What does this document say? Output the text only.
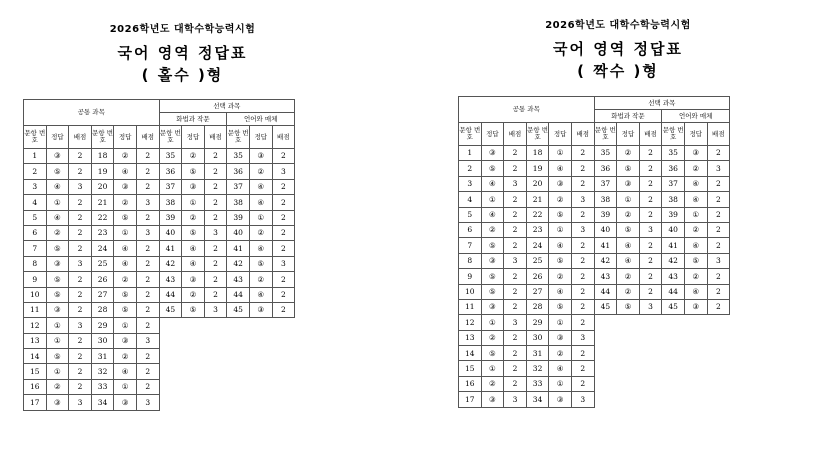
2026학년도 대학수학능력시험
국어 영역 정답표
( 홀수 )형
공통 과목						선택 과목					
						화법과 작문			언어와 매체		
문항 번호	정답	배점	문항 번호	정답	배점	문항 번호	정답	배점	문항 번호	정답	배점
1	③	2	18	②	2	35	②	2	35	③	2
2	⑤	2	19	④	2	36	⑤	2	36	②	3
3	④	3	20	③	2	37	③	2	37	④	2
4	①	2	21	②	3	38	①	2	38	④	2
5	④	2	22	⑤	2	39	②	2	39	①	2
6	②	2	23	①	3	40	⑤	3	40	②	2
7	⑤	2	24	④	2	41	④	2	41	④	2
8	③	3	25	④	2	42	④	2	42	⑤	3
9	⑤	2	26	②	2	43	③	2	43	②	2
10	⑤	2	27	⑤	2	44	②	2	44	④	2
11	③	2	28	⑤	2	45	⑤	3	45	③	2
12	①	3	29	①	2						
13	①	2	30	③	3						
14	⑤	2	31	②	2						
15	①	2	32	④	2						
16	②	2	33	①	2						
17	③	3	34	③	3						
2026학년도 대학수학능력시험
국어 영역 정답표
( 짝수 )형
공통 과목						선택 과목					
						화법과 작문			언어와 매체		
문항 번호	정답	배점	문항 번호	정답	배점	문항 번호	정답	배점	문항 번호	정답	배점
1	③	2	18	①	2	35	②	2	35	③	2
2	⑤	2	19	④	2	36	⑤	2	36	②	3
3	④	3	20	③	2	37	③	2	37	④	2
4	①	2	21	②	3	38	①	2	38	④	2
5	④	2	22	⑤	2	39	②	2	39	①	2
6	②	2	23	①	3	40	⑤	3	40	②	2
7	⑤	2	24	④	2	41	④	2	41	④	2
8	③	3	25	⑤	2	42	④	2	42	⑤	3
9	⑤	2	26	②	2	43	②	2	43	②	2
10	⑤	2	27	④	2	44	②	2	44	④	2
11	③	2	28	⑤	2	45	⑤	3	45	③	2
12	①	3	29	①	2						
13	②	2	30	③	3						
14	⑤	2	31	②	2						
15	①	2	32	④	2						
16	②	2	33	①	2						
17	③	3	34	③	3						
